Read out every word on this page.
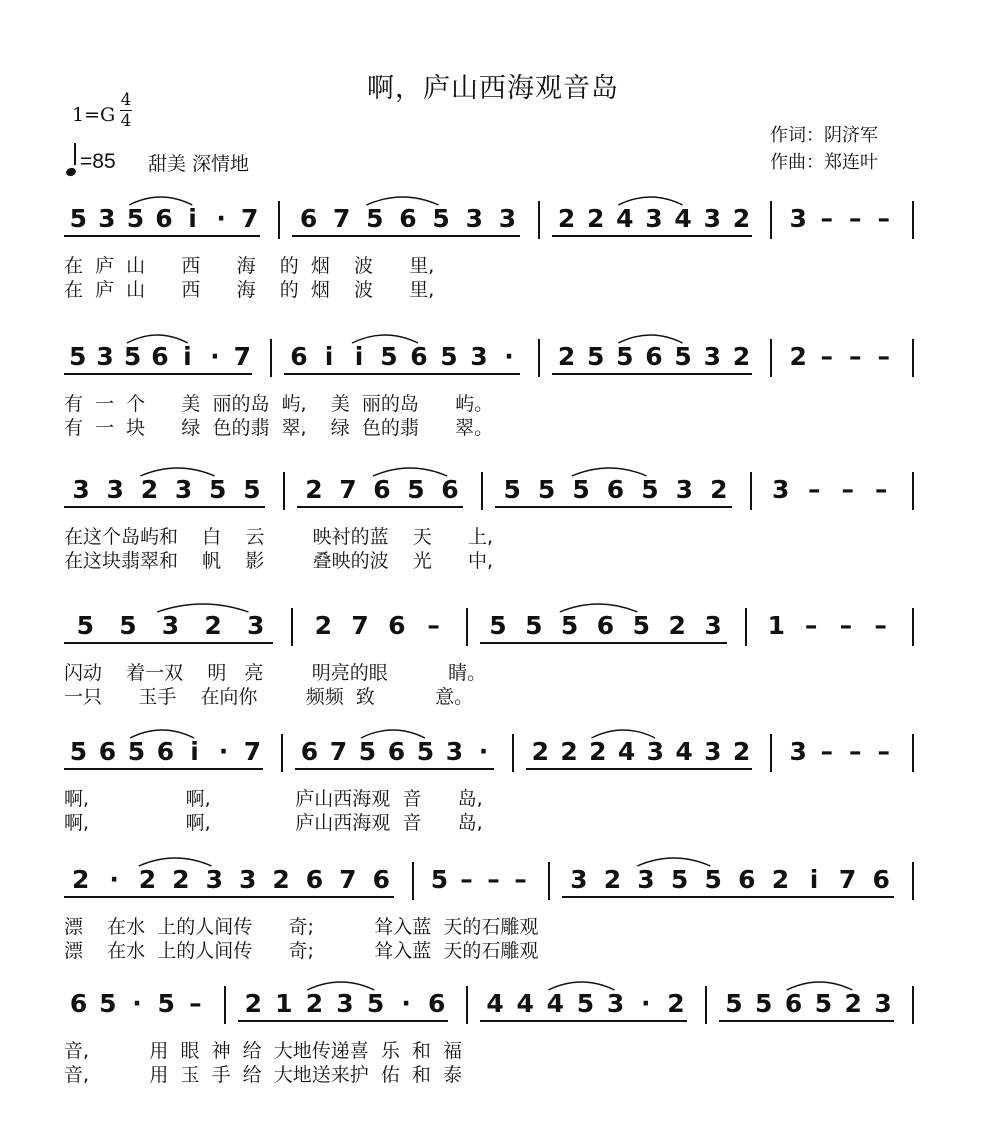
啊，庐山西海观音岛
1=G
4
4
=85 甜美 深情地
作词：阴济军
作曲：郑连叶
5 3 5 6 i · 7	6 7 5 6 5 3 3	2 2 4 3 4 3 2 3 – – –
在  庐  山      西      海    的  烟    波      里,
在  庐  山      西      海    的  烟    波      里,
5 3 5 6 i · 7 6 i i 5 6 5 3 ·	2 5 5 6 5 3 2 2 – – –
有  一  个      美  丽的岛  屿,    美  丽的岛      屿。
有  一  块      绿  色的翡  翠,    绿  色的翡      翠。
3 3 2 3 5 5	2 7 6 5 6	5 5 5 6 5 3 2	3 – – –
在这个岛屿和    白    云        映衬的蓝    天      上,
在这块翡翠和    帆    影        叠映的波    光      中,
5	5	3	2	3	2 7 6 –	5 5 5 6 5 2 3	1 – – –
闪动    着一双    明   亮        明亮的眼          睛。
一只      玉手    在向你        频频  致          意。
5 6 5 6 i · 7 6 7 5 6 5 3 ·	2 2 2 4 3 4 3 2 3 – – –
啊,                啊,              庐山西海观  音      岛,
啊,                啊,              庐山西海观  音      岛,
2 · 2 2 3 3 2 6 7 6	5 – – –	3 2 3 5 5 6 2 i 7 6
漂    在水  上的人间传      奇;          耸入蓝  天的石雕观
漂    在水  上的人间传      奇;          耸入蓝  天的石雕观
6 5 · 5 –	2 1 2 3 5 · 6 4 4 4 5 3 · 2 5 5 6 5 2 3
音,          用  眼  神  给  大地传递喜  乐  和  福
音,          用  玉  手  给  大地送来护  佑  和  泰
